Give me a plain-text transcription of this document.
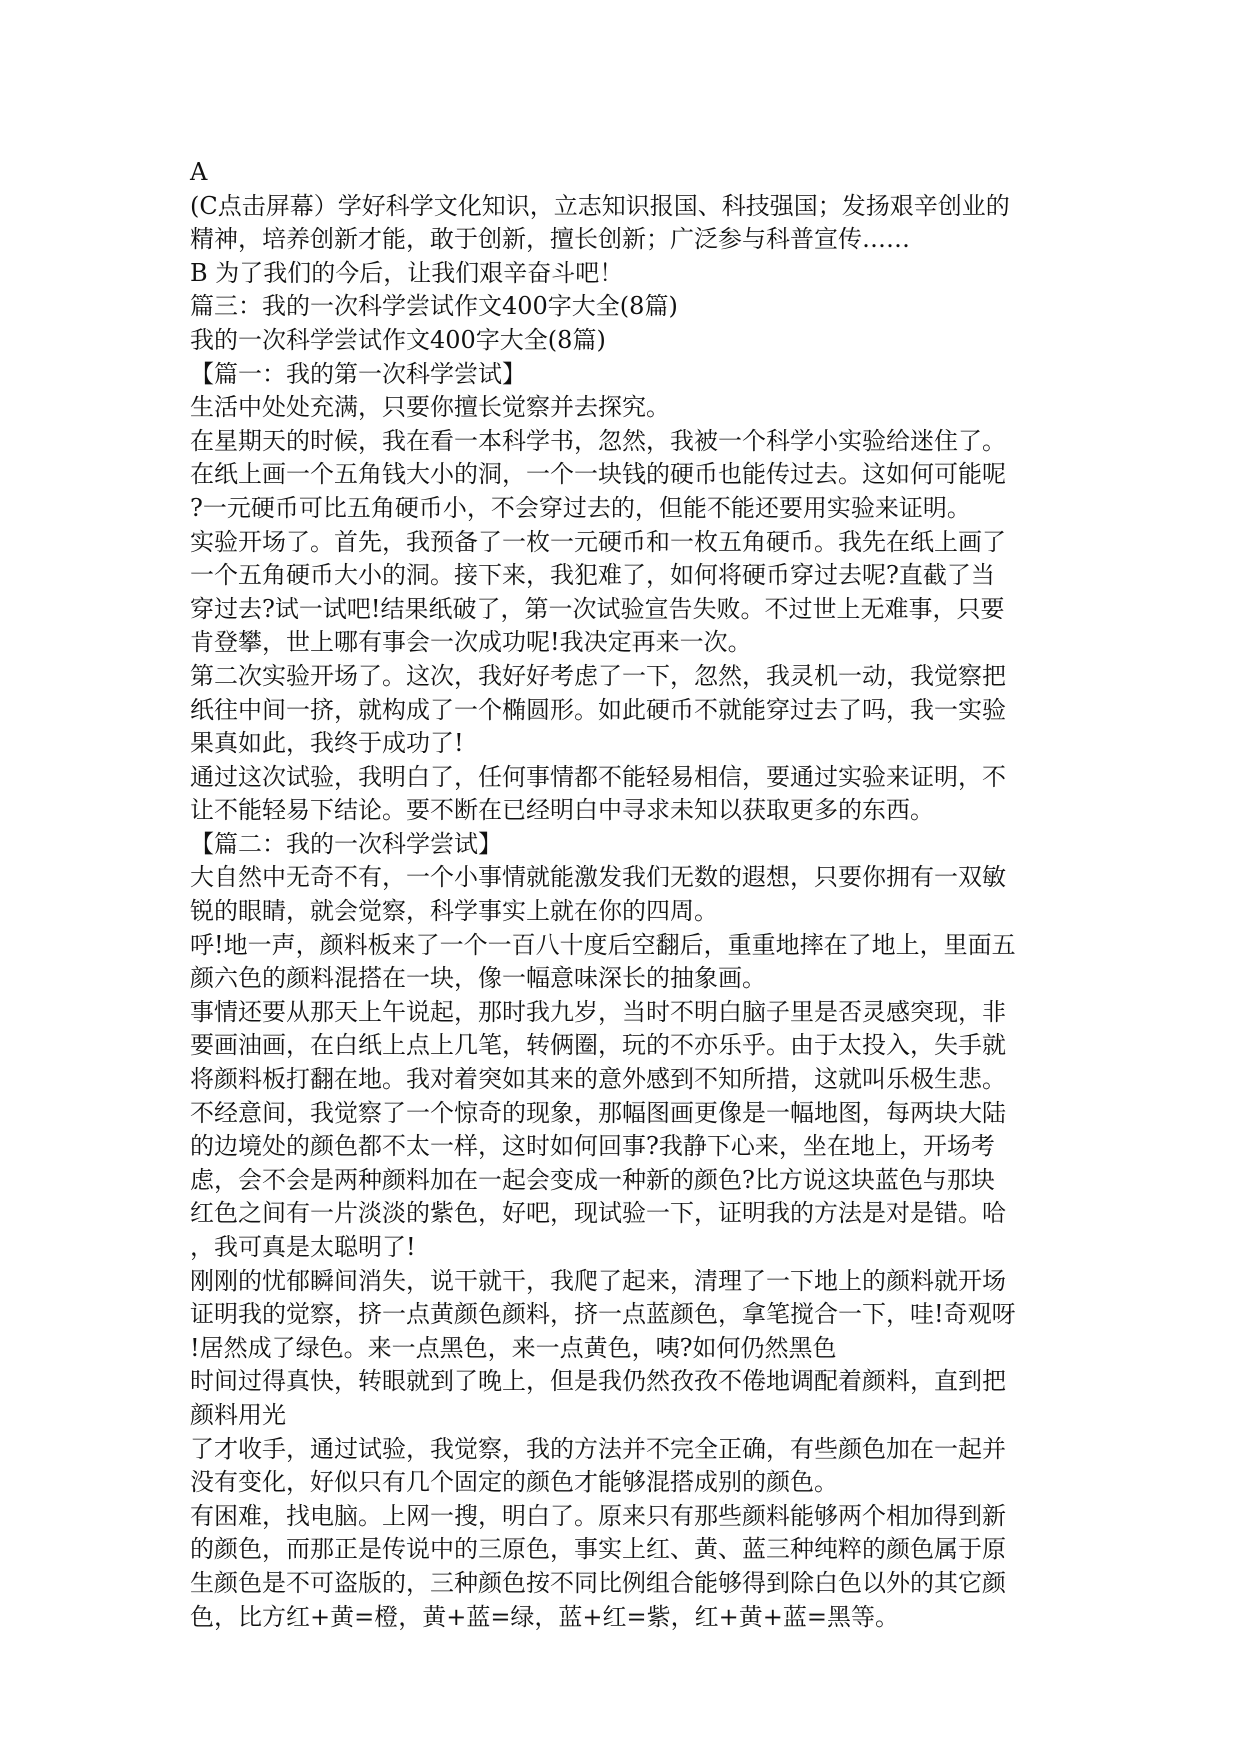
A

(C点击屏幕）学好科学文化知识，立志知识报国、科技强国；发扬艰辛创业的

精神，培养创新才能，敢于创新，擅长创新；广泛参与科普宣传……

B 为了我们的今后，让我们艰辛奋斗吧！

篇三：我的一次科学尝试作文400字大全(8篇)

我的一次科学尝试作文400字大全(8篇)

【篇一：我的第一次科学尝试】

生活中处处充满，只要你擅长觉察并去探究。

在星期天的时候，我在看一本科学书，忽然，我被一个科学小实验给迷住了。

在纸上画一个五角钱大小的洞，一个一块钱的硬币也能传过去。这如何可能呢

?一元硬币可比五角硬币小，不会穿过去的，但能不能还要用实验来证明。

实验开场了。首先，我预备了一枚一元硬币和一枚五角硬币。我先在纸上画了

一个五角硬币大小的洞。接下来，我犯难了，如何将硬币穿过去呢?直截了当

穿过去?试一试吧!结果纸破了，第一次试验宣告失败。不过世上无难事，只要

肯登攀，世上哪有事会一次成功呢!我决定再来一次。

第二次实验开场了。这次，我好好考虑了一下，忽然，我灵机一动，我觉察把

纸往中间一挤，就构成了一个椭圆形。如此硬币不就能穿过去了吗，我一实验

果真如此，我终于成功了!

通过这次试验，我明白了，任何事情都不能轻易相信，要通过实验来证明，不

让不能轻易下结论。要不断在已经明白中寻求未知以获取更多的东西。

【篇二：我的一次科学尝试】

大自然中无奇不有，一个小事情就能激发我们无数的遐想，只要你拥有一双敏

锐的眼睛，就会觉察，科学事实上就在你的四周。

呼!地一声，颜料板来了一个一百八十度后空翻后，重重地摔在了地上，里面五

颜六色的颜料混搭在一块，像一幅意味深长的抽象画。

事情还要从那天上午说起，那时我九岁，当时不明白脑子里是否灵感突现，非

要画油画，在白纸上点上几笔，转俩圈，玩的不亦乐乎。由于太投入，失手就

将颜料板打翻在地。我对着突如其来的意外感到不知所措，这就叫乐极生悲。

不经意间，我觉察了一个惊奇的现象，那幅图画更像是一幅地图，每两块大陆

的边境处的颜色都不太一样，这时如何回事?我静下心来，坐在地上，开场考

虑，会不会是两种颜料加在一起会变成一种新的颜色?比方说这块蓝色与那块

红色之间有一片淡淡的紫色，好吧，现试验一下，证明我的方法是对是错。哈

，我可真是太聪明了!

刚刚的忧郁瞬间消失，说干就干，我爬了起来，清理了一下地上的颜料就开场

证明我的觉察，挤一点黄颜色颜料，挤一点蓝颜色，拿笔搅合一下，哇!奇观呀

!居然成了绿色。来一点黑色，来一点黄色，咦?如何仍然黑色

时间过得真快，转眼就到了晚上，但是我仍然孜孜不倦地调配着颜料，直到把

颜料用光

了才收手，通过试验，我觉察，我的方法并不完全正确，有些颜色加在一起并

没有变化，好似只有几个固定的颜色才能够混搭成别的颜色。

有困难，找电脑。上网一搜，明白了。原来只有那些颜料能够两个相加得到新

的颜色，而那正是传说中的三原色，事实上红、黄、蓝三种纯粹的颜色属于原

生颜色是不可盗版的，三种颜色按不同比例组合能够得到除白色以外的其它颜

色，比方红+黄=橙，黄+蓝=绿，蓝+红=紫，红+黄+蓝=黑等。
